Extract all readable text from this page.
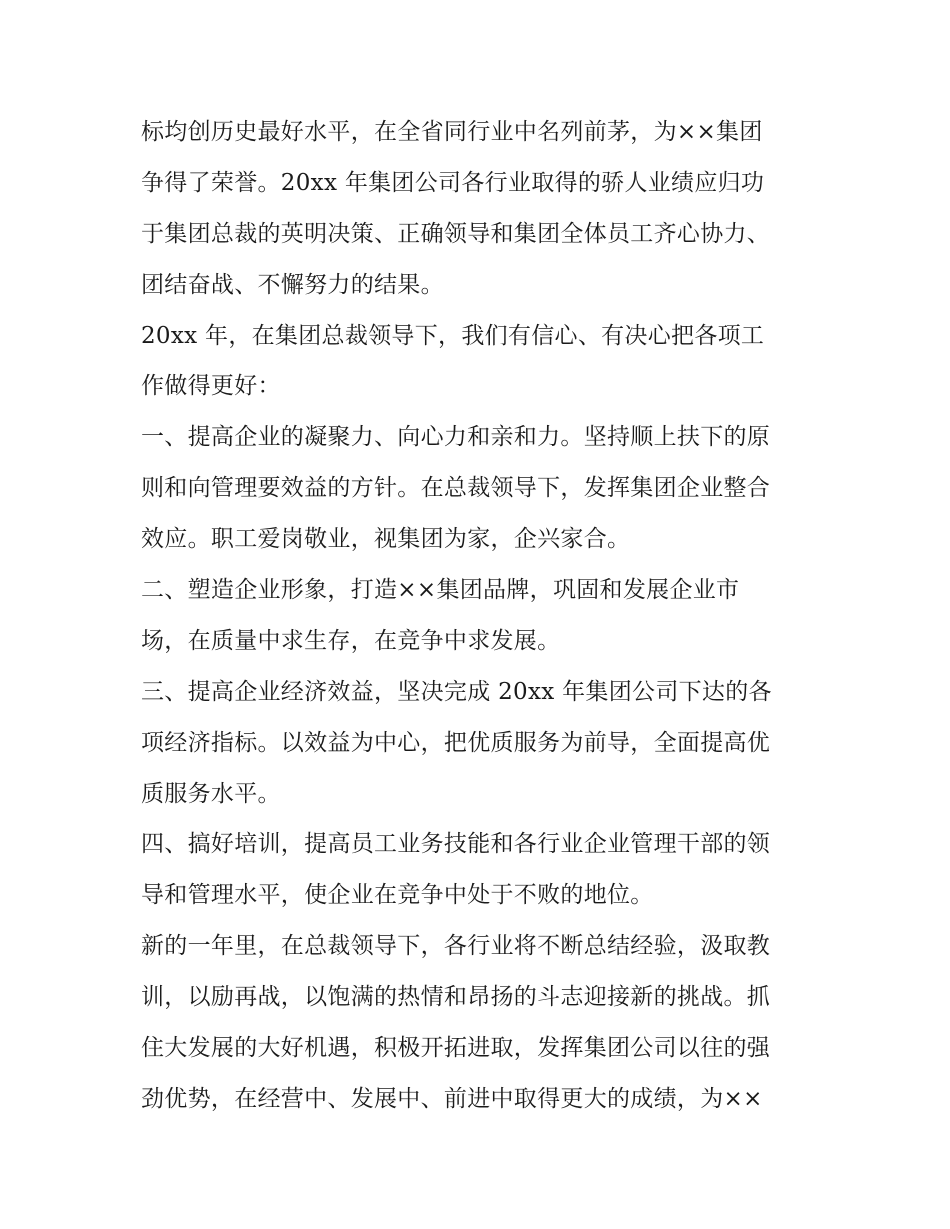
标均创历史最好水平，在全省同行业中名列前茅，为××集团
争得了荣誉。20xx 年集团公司各行业取得的骄人业绩应归功
于集团总裁的英明决策、正确领导和集团全体员工齐心协力、
团结奋战、不懈努力的结果。
20xx 年，在集团总裁领导下，我们有信心、有决心把各项工
作做得更好：
一、提高企业的凝聚力、向心力和亲和力。坚持顺上扶下的原
则和向管理要效益的方针。在总裁领导下，发挥集团企业整合
效应。职工爱岗敬业，视集团为家，企兴家合。
二、塑造企业形象，打造××集团品牌，巩固和发展企业市
场，在质量中求生存，在竞争中求发展。
三、提高企业经济效益，坚决完成 20xx 年集团公司下达的各
项经济指标。以效益为中心，把优质服务为前导，全面提高优
质服务水平。
四、搞好培训，提高员工业务技能和各行业企业管理干部的领
导和管理水平，使企业在竞争中处于不败的地位。
新的一年里，在总裁领导下，各行业将不断总结经验，汲取教
训，以励再战，以饱满的热情和昂扬的斗志迎接新的挑战。抓
住大发展的大好机遇，积极开拓进取，发挥集团公司以往的强
劲优势，在经营中、发展中、前进中取得更大的成绩，为××
